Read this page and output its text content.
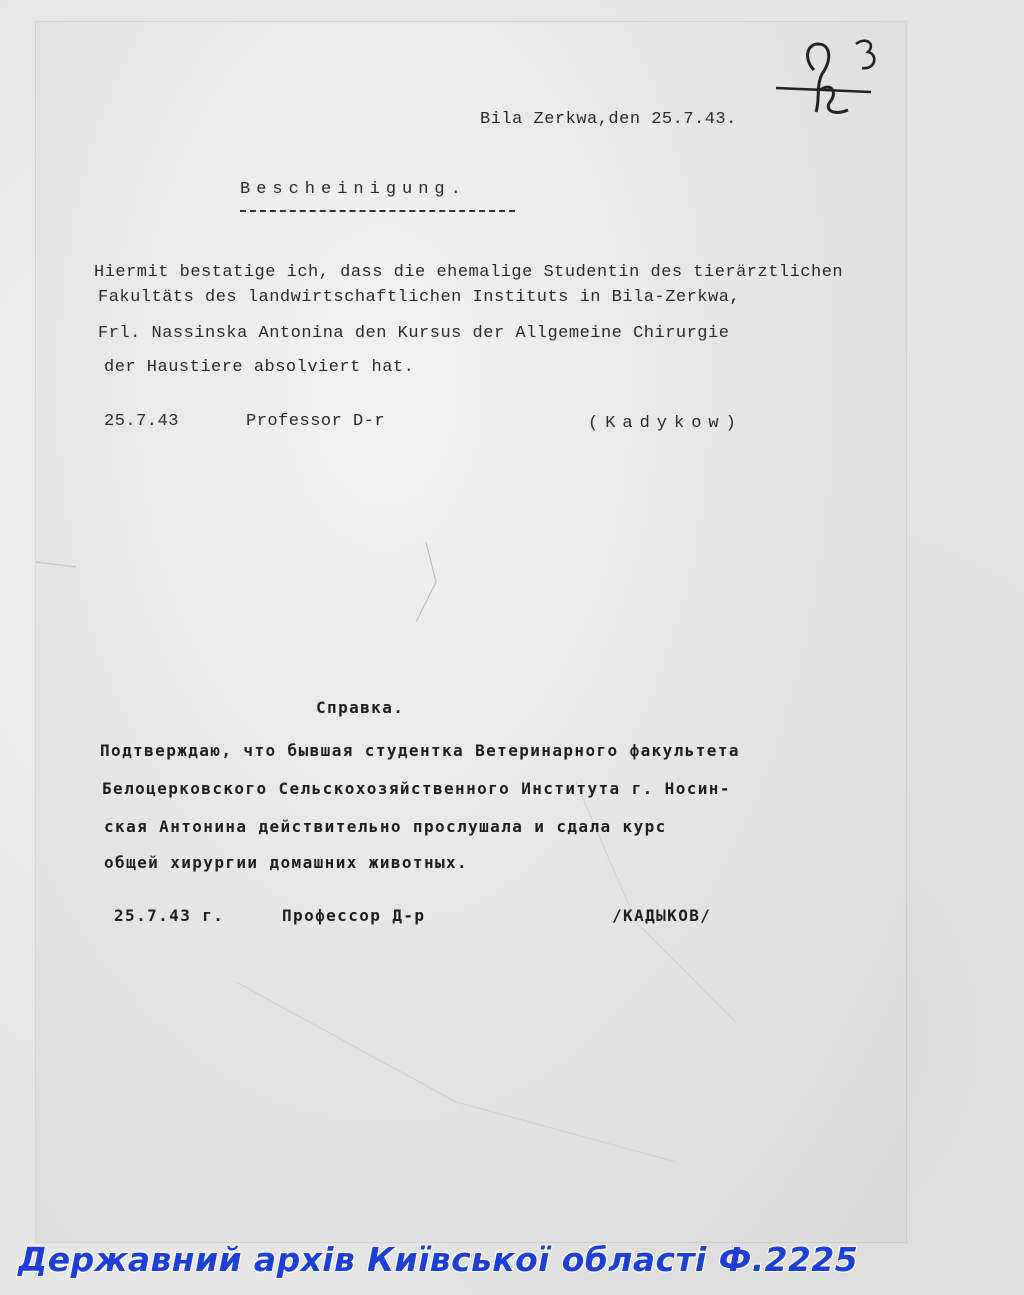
93
Bila Zerkwa,den 25.7.43.
Bescheinigung.
Hiermit bestatige ich, dass die ehemalige Studentin des tierärztlichen
Fakultäts des landwirtschaftlichen Instituts in Bila-Zerkwa,
Frl. Nassinska Antonina den Kursus der Allgemeine Chirurgie
der Haustiere absolviert hat.
25.7.43	Professor D-r	(Kadykow)
Справка.
Подтверждаю, что бывшая студентка Ветеринарного факультета
Белоцерковского Сельскохозяйственного Института г. Носин-
ская Антонина действительно прослушала и сдала курс
общей хирургии домашних животных.
25.7.43 г.	Профессор Д-р	/КАДЫКОВ/
Державний архів Київської області Ф.2225
